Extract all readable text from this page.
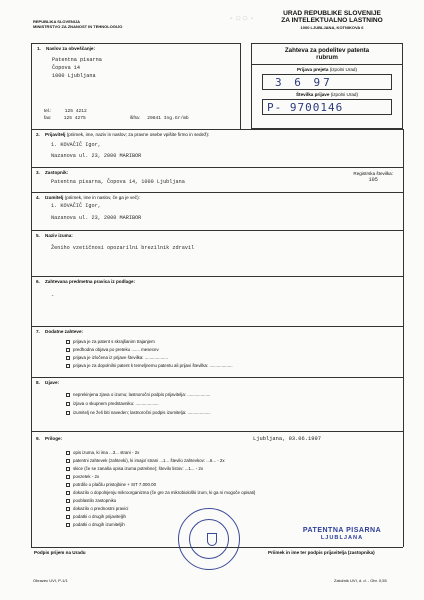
REPUBLIKA SLOVENIJA
MINISTRSTVO ZA ZNANOST IN TEHNOLOGIJO
·○○·
URAD REPUBLIKE SLOVENIJE
ZA INTELEKTUALNO LASTNINO
1000 LJUBLJANA, KOTNIKOVA 6
1. Naslov za obveščanje:
Patentna pisarna
Čopova 14
1000 Ljubljana
tel.:	125 4212
fax:	125 4275	šifra: 29841 Ing.Gr/mb
Zahteva za podelitev patenta
rubrum
Prijava prejeta (izpolni Urad)
3 6 97
Številka prijave (izpolni Urad)
P- 9700146
2. Prijavitelj (priimek, ime, naziv in naslov; za pravne osebe vpišite firmo in sedež):
1. KOVAČIČ Igor,
Nazanova ul. 23, 2000 MARIBOR
3. Zastopnik:
Patentna pisarna, Čopova 14, 1000 Ljubljana
Registrska številka:
105
4. Izumitelj (priimek, ime in naslov, če ga je več):
1. KOVAČIČ Igor,
Nazanova ul. 23, 2000 MARIBOR
5. Naziv izuma:
Ženiho vzetičnosi opozarilni brezilnik zdravil
6. Zahtevana predmetna pravica iz podlage:
-
7. Dodatne zahteve:
prijava je za patent s skrajšanim trajanjem
predhodna objava po preteku ....... mesecev
prijava je izločena iz prijave številka: ...................
prijava je za dopolnilni patent k temeljnemu patentu ali prijavi številka: ...................
8. Izjave:
neprekinjena zjava o izumu; lastnoročni podpis prijavitelja: ...................
izjava o skupnem predstavniku: ...................
izumitelj ne želi biti naveden; lastnoročni podpis izumitelja: ...................
9. Priloge:	Ljubljana, 03.06.1997
opis izuma, ki ima ...3... strani - 2x
patentni zahtevek (zahtevki), ki imajo/ strani ...1... število zahtevkov: ...6... - 2x
skice (če se zanaša opisa izuma potrebne); število listov: ...1... - 2x
povzetek - 2x
potrdilo o plačilu pristojbine + SIT 7.000.00
dokazilo o dopolnjenju mikroorganizma (če gre za mikrobiološki izum, ki ga ni mogoče opisati)
pooblastilo zastopniku
dokazilo o prednostni pravici
podatki o drugih prijaviteljih
podatki o drugih izumiteljih
PATENTNA PISARNA
LJUBLJANA
Podpis prijem na Uradu	Priimek in ime ter podpis prijavitelja (zastopnika)
Obrazec UVI, P-1/1	Založnik UVI, d. d. - Obr. 0,55
